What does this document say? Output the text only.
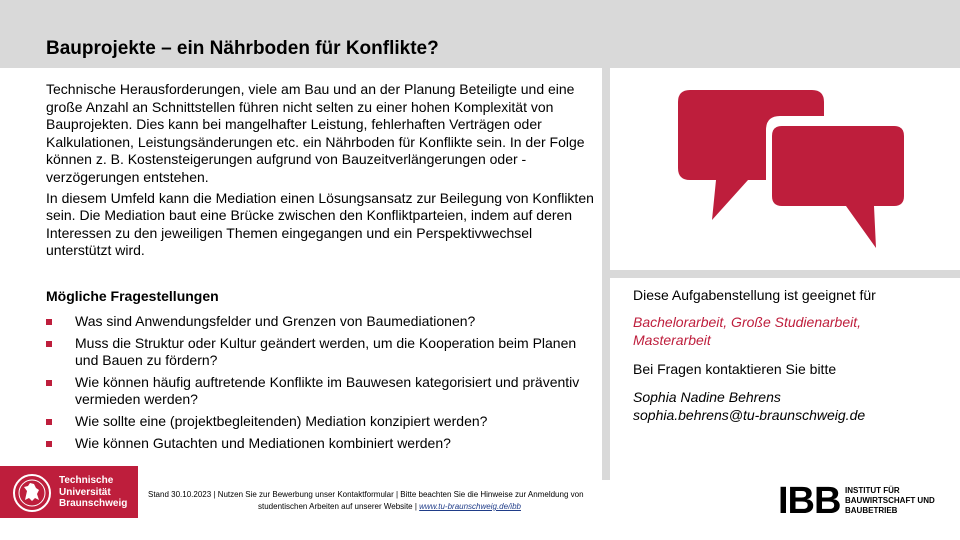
Bauprojekte – ein Nährboden für Konflikte?

Technische Herausforderungen, viele am Bau und an der Planung Beteiligte und eine große Anzahl an Schnittstellen führen nicht selten zu einer hohen Komplexität von Bauprojekten. Dies kann bei mangelhafter Leistung, fehlerhaften Verträgen oder Kalkulationen, Leistungsänderungen etc. ein Nährboden für Konflikte sein. In der Folge können z. B. Kostensteigerungen aufgrund von Bauzeitverlängerungen oder -verzögerungen entstehen.

In diesem Umfeld kann die Mediation einen Lösungsansatz zur Beilegung von Konflikten sein. Die Mediation baut eine Brücke zwischen den Konfliktparteien, indem auf deren Interessen zu den jeweiligen Themen eingegangen und ein Perspektivwechsel unterstützt wird.

Mögliche Fragestellungen
Was sind Anwendungsfelder und Grenzen von Baumediationen?
Muss die Struktur oder Kultur geändert werden, um die Kooperation beim Planen und Bauen zu fördern?
Wie können häufig auftretende Konflikte im Bauwesen kategorisiert und präventiv vermieden werden?
Wie sollte eine (projektbegleitenden) Mediation konzipiert werden?
Wie können Gutachten und Mediationen kombiniert werden?
Diese Aufgabenstellung ist geeignet für
Bachelorarbeit, Große Studienarbeit, Masterarbeit
Bei Fragen kontaktieren Sie bitte
Sophia Nadine Behrens
sophia.behrens@tu-braunschweig.de
Technische
Universität
Braunschweig
Stand 30.10.2023 | Nutzen Sie zur Bewerbung unser Kontaktformular | Bitte beachten Sie die Hinweise zur Anmeldung von
studentischen Arbeiten auf unserer Website | www.tu-braunschweig.de/ibb	IBB INSTITUT FÜR
BAUWIRTSCHAFT UND
BAUBETRIEB
